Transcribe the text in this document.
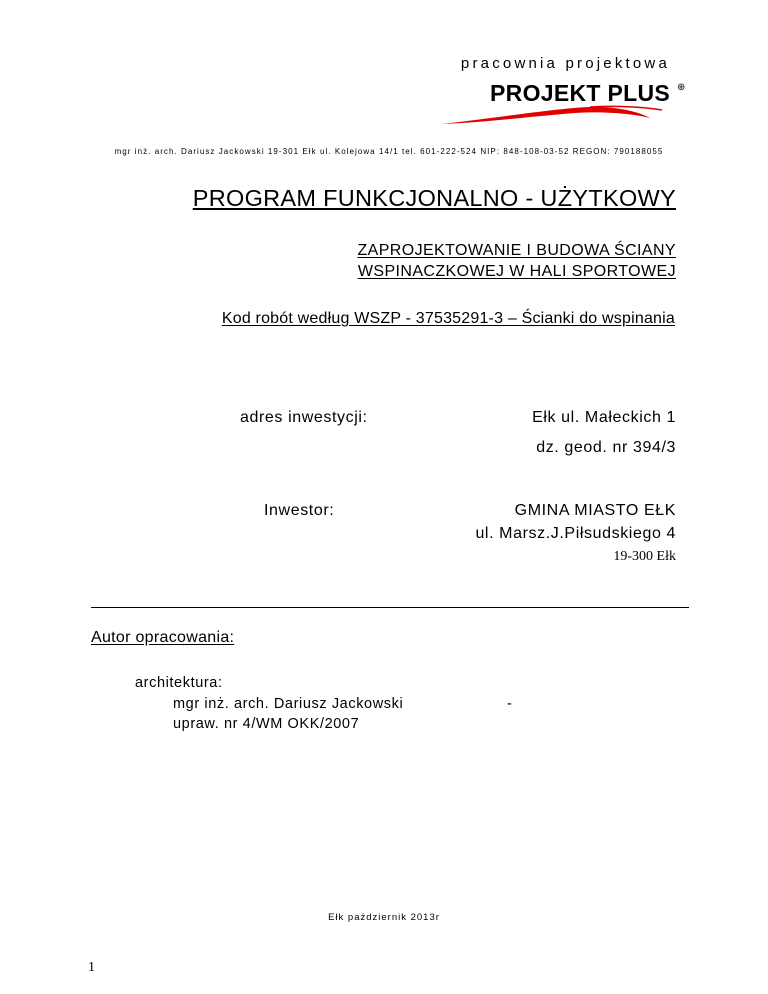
pracownia projektowa
PROJEKT PLUS ⊕
mgr inż. arch. Dariusz Jackowski 19-301 Ełk ul. Kolejowa 14/1 tel. 601-222-524 NIP: 848-108-03-52 REGON: 790188055
PROGRAM FUNKCJONALNO - UŻYTKOWY
ZAPROJEKTOWANIE I BUDOWA ŚCIANY
WSPINACZKOWEJ W HALI SPORTOWEJ
Kod robót według WSZP - 37535291-3 – Ścianki do wspinania
adres inwestycji:	Ełk ul. Małeckich 1
dz. geod. nr 394/3
Inwestor:	GMINA MIASTO EŁK
ul. Marsz.J.Piłsudskiego 4
19-300 Ełk
Autor opracowania:
architektura:
mgr inż. arch. Dariusz Jackowski
upraw. nr 4/WM OKK/2007
-
Ełk październik 2013r
1
